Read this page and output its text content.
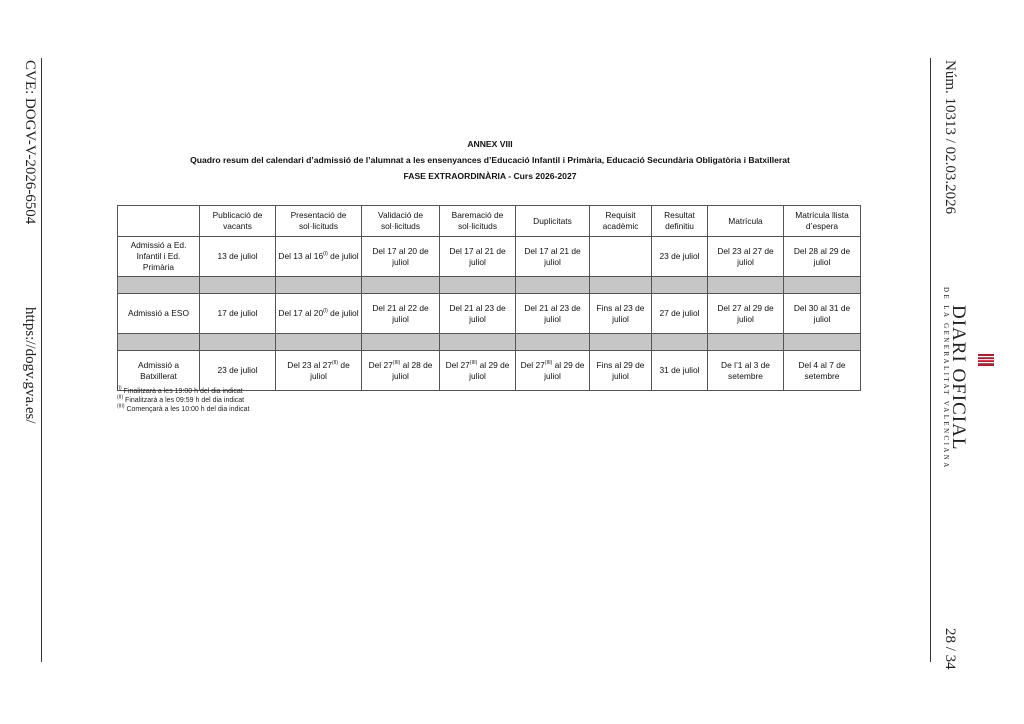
CVE: DOGV-V-2026-6504
https://dogv.gva.es/
Núm. 10313 / 02.03.2026
28 / 34
DE LA GENERALITAT VALENCIANA
DIARI OFICIAL
ANNEX VIII
Quadro resum del calendari d’admissió de l’alumnat a les ensenyances d’Educació Infantil i Primària, Educació Secundària Obligatòria i Batxillerat
FASE EXTRAORDINÀRIA - Curs 2026-2027
	Publicació de vacants	Presentació de sol·licituds	Validació de sol·licituds	Baremació de sol·licituds	Duplicitats	Requisit acadèmic	Resultat definitiu	Matrícula	Matrícula llista d’espera
Admissió a Ed. Infantil i Ed. Primària	13 de juliol	Del 13 al $16^{(I)}$ de juliol	Del 17 al 20 de juliol	Del 17 al 21 de juliol	Del 17 al 21 de juliol		23 de juliol	Del 23 al 27 de juliol	Del 28 al 29 de juliol

Admissió a ESO	17 de juliol	Del 17 al $20^{(I)}$ de juliol	Del 21 al 22 de juliol	Del 21 al 23 de juliol	Del 21 al 23 de juliol	Fins al 23 de juliol	27 de juliol	Del 27 al 29 de juliol	Del 30 al 31 de juliol

Admissió a Batxillerat	23 de juliol	Del 23 al $27^{(II)}$ de juliol	Del $27^{(III)}$ al 28 de juliol	Del $27^{(III)}$ al 29 de juliol	Del $27^{(III)}$ al 29 de juliol	Fins al 29 de juliol	31 de juliol	De l’1 al 3 de setembre	Del 4 al 7 de setembre
$^{(I)}$ Finalitzarà a les 19:00 h del dia indicat
$^{(II)}$ Finalitzarà a les 09:59 h del dia indicat
$^{(III)}$ Començarà a les 10:00 h del dia indicat
